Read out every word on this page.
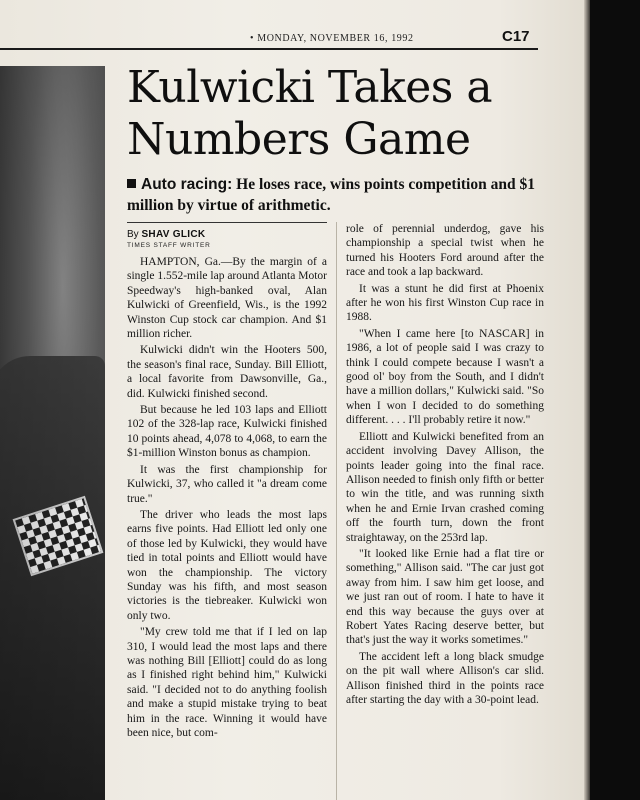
• MONDAY, NOVEMBER 16, 1992	C17
Kulwicki Takes a Numbers Game
Auto racing: He loses race, wins points competition and $1 million by virtue of arithmetic.
By SHAV GLICK
TIMES STAFF WRITER

HAMPTON, Ga.—By the margin of a single 1.552-mile lap around Atlanta Motor Speedway's high-banked oval, Alan Kulwicki of Greenfield, Wis., is the 1992 Winston Cup stock car champion. And $1 million richer.

Kulwicki didn't win the Hooters 500, the season's final race, Sunday. Bill Elliott, a local favorite from Dawsonville, Ga., did. Kulwicki finished second.

But because he led 103 laps and Elliott 102 of the 328-lap race, Kulwicki finished 10 points ahead, 4,078 to 4,068, to earn the $1-million Winston bonus as champion.

It was the first championship for Kulwicki, 37, who called it "a dream come true."

The driver who leads the most laps earns five points. Had Elliott led only one of those led by Kulwicki, they would have tied in total points and Elliott would have won the championship. The victory Sunday was his fifth, and most season victories is the tiebreaker. Kulwicki won only two.

"My crew told me that if I led on lap 310, I would lead the most laps and there was nothing Bill [Elliott] could do as long as I finished right behind him," Kulwicki said. "I decided not to do anything foolish and make a stupid mistake trying to beat him in the race. Winning it would have been nice, but com-

role of perennial underdog, gave his championship a special twist when he turned his Hooters Ford around after the race and took a lap backward.

It was a stunt he did first at Phoenix after he won his first Winston Cup race in 1988.

"When I came here [to NASCAR] in 1986, a lot of people said I was crazy to think I could compete because I wasn't a good ol' boy from the South, and I didn't have a million dollars," Kulwicki said. "So when I won I decided to do something different. . . . I'll probably retire it now."

Elliott and Kulwicki benefited from an accident involving Davey Allison, the points leader going into the final race. Allison needed to finish only fifth or better to win the title, and was running sixth when he and Ernie Irvan crashed coming off the fourth turn, down the front straightaway, on the 253rd lap.

"It looked like Ernie had a flat tire or something," Allison said. "The car just got away from him. I saw him get loose, and we just ran out of room. I hate to have it end this way because the guys over at Robert Yates Racing deserve better, but that's just the way it works sometimes."

The accident left a long black smudge on the pit wall where Allison's car slid. Allison finished third in the points race after starting the day with a 30-point lead.
